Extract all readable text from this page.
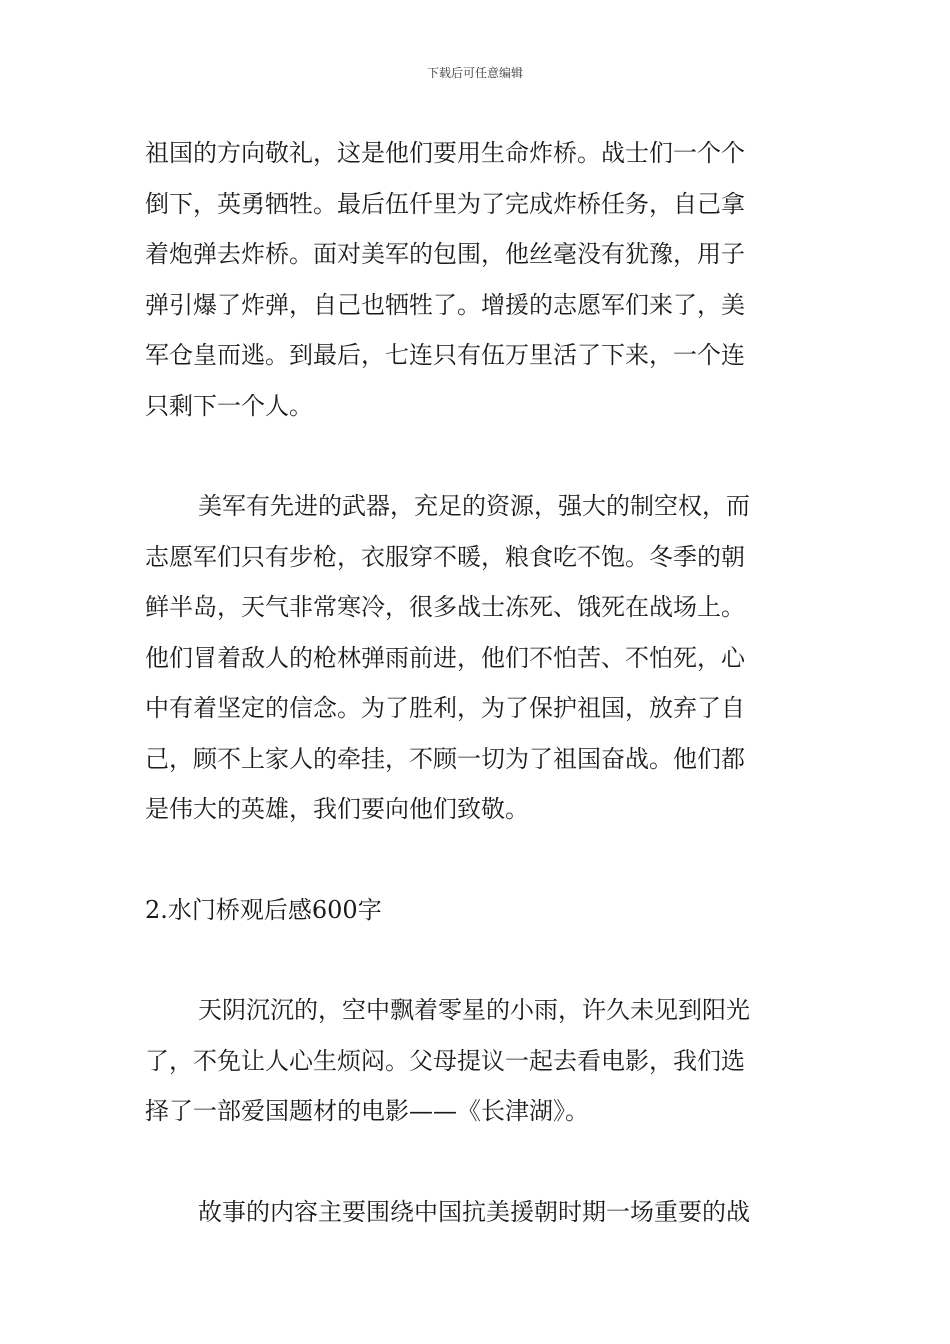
下载后可任意编辑
祖国的方向敬礼，这是他们要用生命炸桥。战士们一个个
倒下，英勇牺牲。最后伍仟里为了完成炸桥任务，自己拿
着炮弹去炸桥。面对美军的包围，他丝毫没有犹豫，用子
弹引爆了炸弹，自己也牺牲了。增援的志愿军们来了，美
军仓皇而逃。到最后，七连只有伍万里活了下来，一个连
只剩下一个人。
美军有先进的武器，充足的资源，强大的制空权，而
志愿军们只有步枪，衣服穿不暖，粮食吃不饱。冬季的朝
鲜半岛，天气非常寒冷，很多战士冻死、饿死在战场上。
他们冒着敌人的枪林弹雨前进，他们不怕苦、不怕死，心
中有着坚定的信念。为了胜利，为了保护祖国，放弃了自
己，顾不上家人的牵挂，不顾一切为了祖国奋战。他们都
是伟大的英雄，我们要向他们致敬。
2.水门桥观后感600字
天阴沉沉的，空中飘着零星的小雨，许久未见到阳光
了，不免让人心生烦闷。父母提议一起去看电影，我们选
择了一部爱国题材的电影——《长津湖》。
故事的内容主要围绕中国抗美援朝时期一场重要的战
